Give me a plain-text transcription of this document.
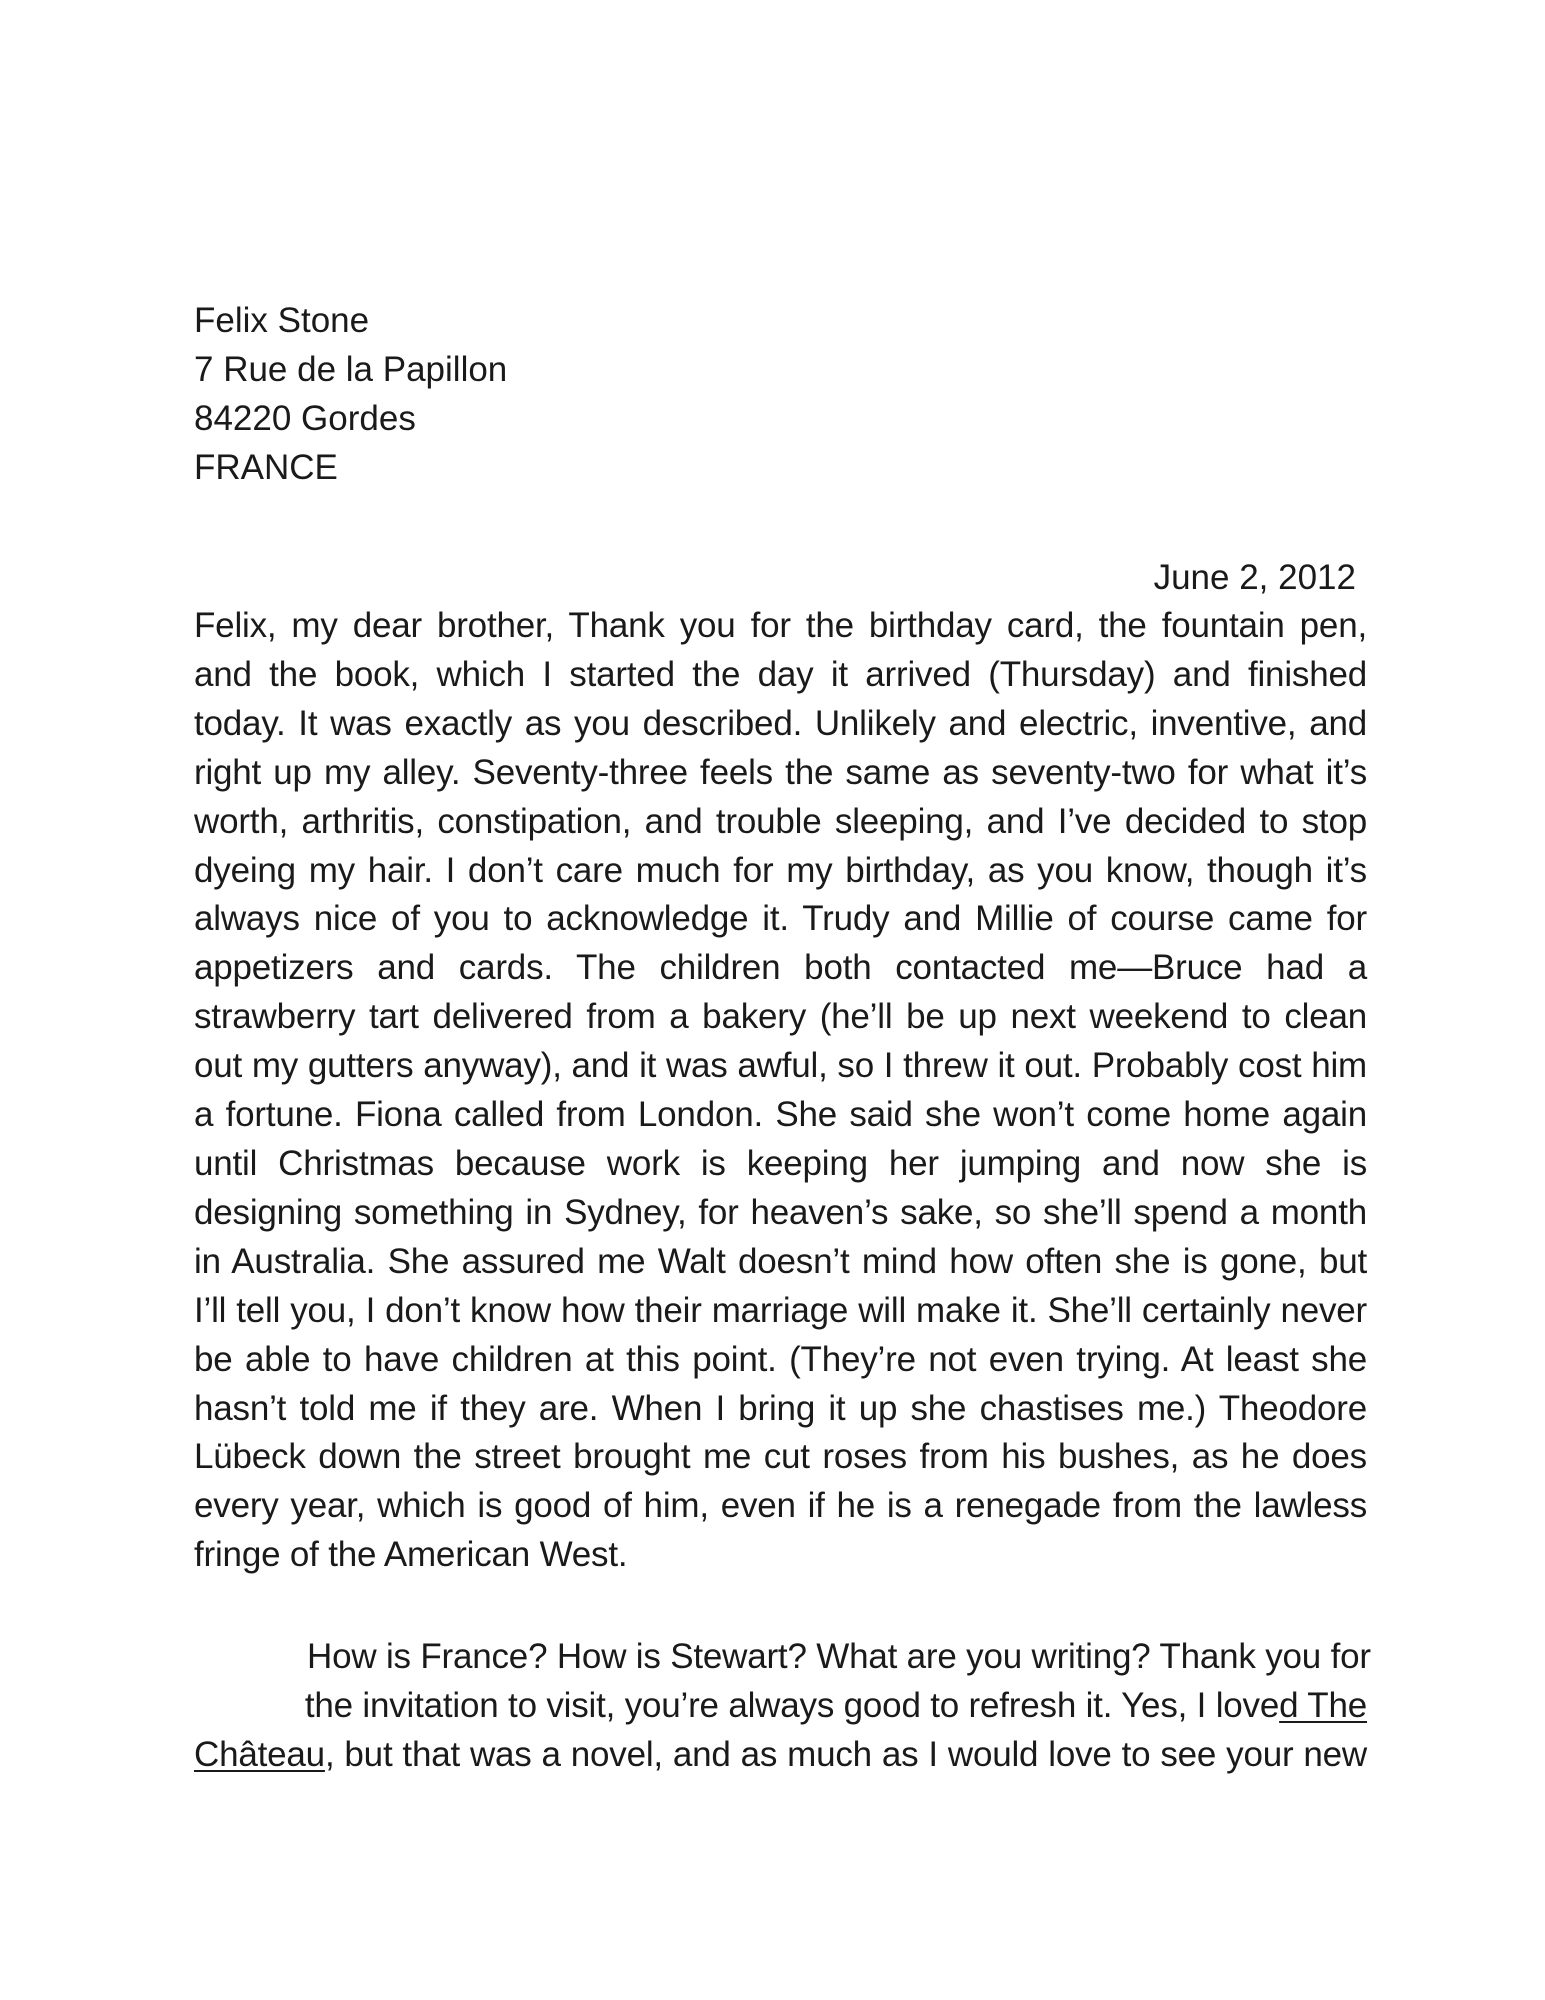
Felix Stone
7 Rue de la Papillon
84220 Gordes
FRANCE
June 2, 2012

Felix, my dear brother, Thank you for the birthday card, the fountain pen, and the book, which I started the day it arrived (Thursday) and finished today. It was exactly as you described. Unlikely and electric, inventive, and right up my alley. Seventy-three feels the same as seventy-two for what it’s worth, arthritis, constipation, and trouble sleeping, and I’ve decided to stop dyeing my hair. I don’t care much for my birthday, as you know, though it’s always nice of you to acknowledge it. Trudy and Millie of course came for appetizers and cards. The children both contacted me—Bruce had a strawberry tart delivered from a bakery (he’ll be up next weekend to clean out my gutters anyway), and it was awful, so I threw it out. Probably cost him a fortune. Fiona called from London. She said she won’t come home again until Christmas because work is keeping her jumping and now she is designing something in Sydney, for heaven’s sake, so she’ll spend a month in Australia. She assured me Walt doesn’t mind how often she is gone, but I’ll tell you, I don’t know how their marriage will make it. She’ll certainly never be able to have children at this point. (They’re not even trying. At least she hasn’t told me if they are. When I bring it up she chastises me.) Theodore Lübeck down the street brought me cut roses from his bushes, as he does every year, which is good of him, even if he is a renegade from the lawless fringe of the American West.

How is France? How is Stewart? What are you writing? Thank you for
the invitation to visit, you’re always good to refresh it. Yes, I loved The
Château, but that was a novel, and as much as I would love to see your new
